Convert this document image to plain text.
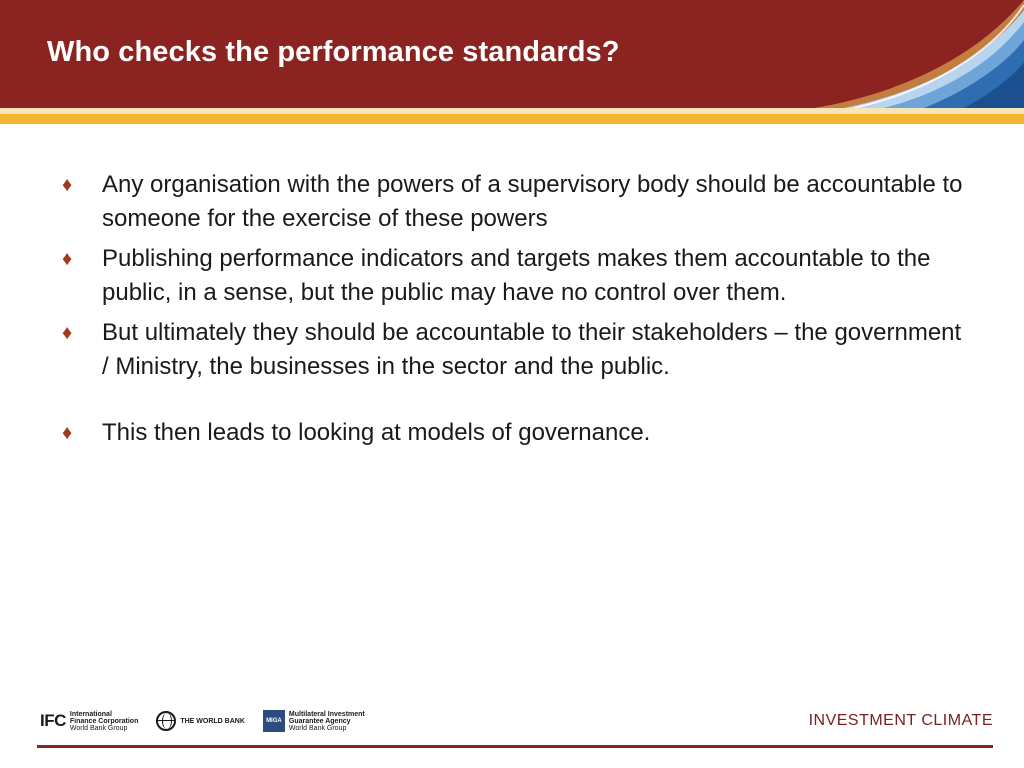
Who checks the performance standards?
♦	Any organisation with the powers of a supervisory body should be accountable to someone for the exercise of these powers
♦	Publishing performance indicators and targets makes them accountable to the public, in a sense, but the public may have no control over them.
♦	But ultimately they should be accountable to their stakeholders – the government / Ministry, the businesses in the sector and the public.
♦	This then leads to looking at models of governance.
IFC International
Finance Corporation
World Bank Group
THE WORLD BANK	MIGA
Multilateral Investment
Guarantee Agency
World Bank Group	INVESTMENT CLIMATE
